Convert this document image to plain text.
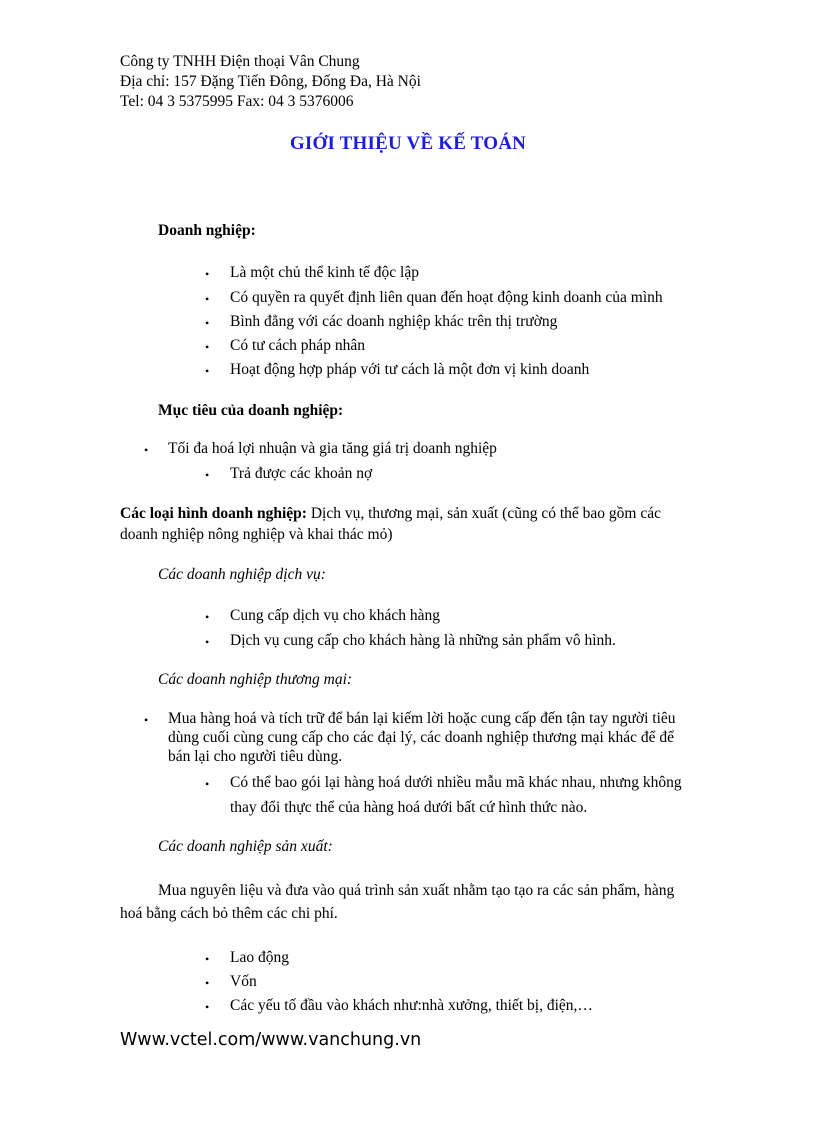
Công ty TNHH Điện thoại Vân Chung
Địa chỉ: 157 Đặng Tiến Đông, Đống Đa, Hà Nội
Tel: 04 3 5375995 Fax: 04 3 5376006
GIỚI THIỆU VỀ KẾ TOÁN
Doanh nghiệp:
• Là một chủ thể kinh tế độc lập
• Có quyền ra quyết định liên quan đến hoạt động kinh doanh của mình
• Bình đẳng với các doanh nghiệp khác trên thị trường
• Có tư cách pháp nhân
• Hoạt động hợp pháp với tư cách là một đơn vị kinh doanh
Mục tiêu của doanh nghiệp:
• Tối đa hoá lợi nhuận và gia tăng giá trị doanh nghiệp
• Trả được các khoản nợ
Các loại hình doanh nghiệp: Dịch vụ, thương mại, sản xuất (cũng có thể bao gồm các
doanh nghiệp nông nghiệp và khai thác mỏ)
Các doanh nghiệp dịch vụ:
• Cung cấp dịch vụ cho khách hàng
• Dịch vụ cung cấp cho khách hàng là những sản phẩm vô hình.
Các doanh nghiệp thương mại:
• Mua hàng hoá và tích trữ để bán lại kiếm lời hoặc cung cấp đến tận tay người tiêu
dùng cuối cùng cung cấp cho các đại lý, các doanh nghiệp thương mại khác để để
bán lại cho người tiêu dùng.
• Có thể bao gói lại hàng hoá dưới nhiều mẫu mã khác nhau, nhưng không
thay đổi thực thể của hàng hoá dưới bất cứ hình thức nào.
Các doanh nghiệp sản xuất:
Mua nguyên liệu và đưa vào quá trình sản xuất nhằm tạo tạo ra các sản phẩm, hàng
hoá bằng cách bỏ thêm các chi phí.
• Lao động
• Vốn
• Các yếu tố đầu vào khách như:nhà xưởng, thiết bị, điện,…
Www.vctel.com/www.vanchung.vn
